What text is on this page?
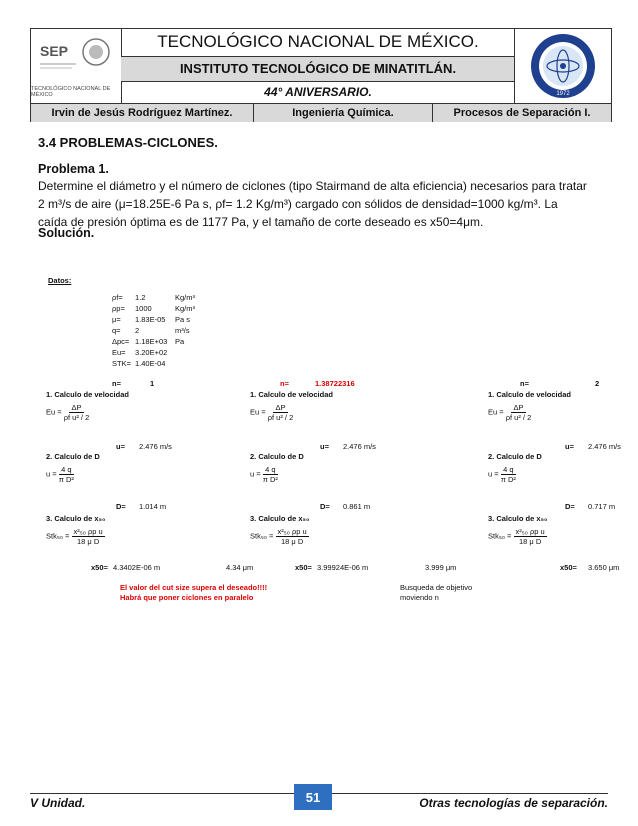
SEP
TECNOLÓGICO NACIONAL DE MÉXICO
TECNOLÓGICO NACIONAL DE MÉXICO.
INSTITUTO TECNOLÓGICO DE MINATITLÁN.
44° ANIVERSARIO.	1972
Irvin de Jesús Rodríguez Martínez.	Ingeniería Química.	Procesos de Separación I.
3.4 PROBLEMAS-CICLONES.
Problema 1.
Determine el diámetro y el número de ciclones (tipo Stairmand de alta eficiencia) necesarios para tratar
2 m³/s de aire (μ=18.25E-6 Pa s, ρf= 1.2 Kg/m³) cargado con sólidos de densidad=1000 kg/m³. La
caída de presión óptima es de 1177 Pa, y el tamaño de corte deseado es x50=4μm.
Solución.
Datos:
ρf= 1.2	Kg/m³
ρp= 1000	Kg/m³
μ= 1.83E-05 Pa s
q= 2	m³/s
Δpc= 1.18E+03 Pa
Eu= 3.20E+02
STK= 1.40E-04
n=	1
1. Calculo de velocidad
$Eu = \frac{\Delta P}{\text{ρf u² / 2}}$
u= 2.476 m/s
2. Calculo de D
$u = \frac{4 q}{\text{π D²}}$
D= 1.014 m
3. Calculo de x₅₀
$Stk_{50} = \frac{\text{x²₅₀ ρp u}}{\text{18 μ D}}$
x50= 4.3402E-06 m	4.34 μm
n=	1.38722316
1. Calculo de velocidad
$Eu = \frac{\Delta P}{\text{ρf u² / 2}}$
u= 2.476 m/s
2. Calculo de D
$u = \frac{4 q}{\text{π D²}}$
D= 0.861 m
3. Calculo de x₅₀
$Stk_{50} = \frac{\text{x²₅₀ ρp u}}{\text{18 μ D}}$
x50= 3.99924E-06 m	3.999 μm
n=	2
1. Calculo de velocidad
$Eu = \frac{\Delta P}{\text{ρf u² / 2}}$
u= 2.476 m/s
2. Calculo de D
$u = \frac{4 q}{\text{π D²}}$
D= 0.717 m
3. Calculo de x₅₀
$Stk_{50} = \frac{\text{x²₅₀ ρp u}}{\text{18 μ D}}$
x50= 3.650 μm
El valor del cut size supera el deseado!!!!
Habrá que poner ciclones en paralelo
Busqueda de objetivo
moviendo n
V Unidad.	51	Otras tecnologías de separación.
